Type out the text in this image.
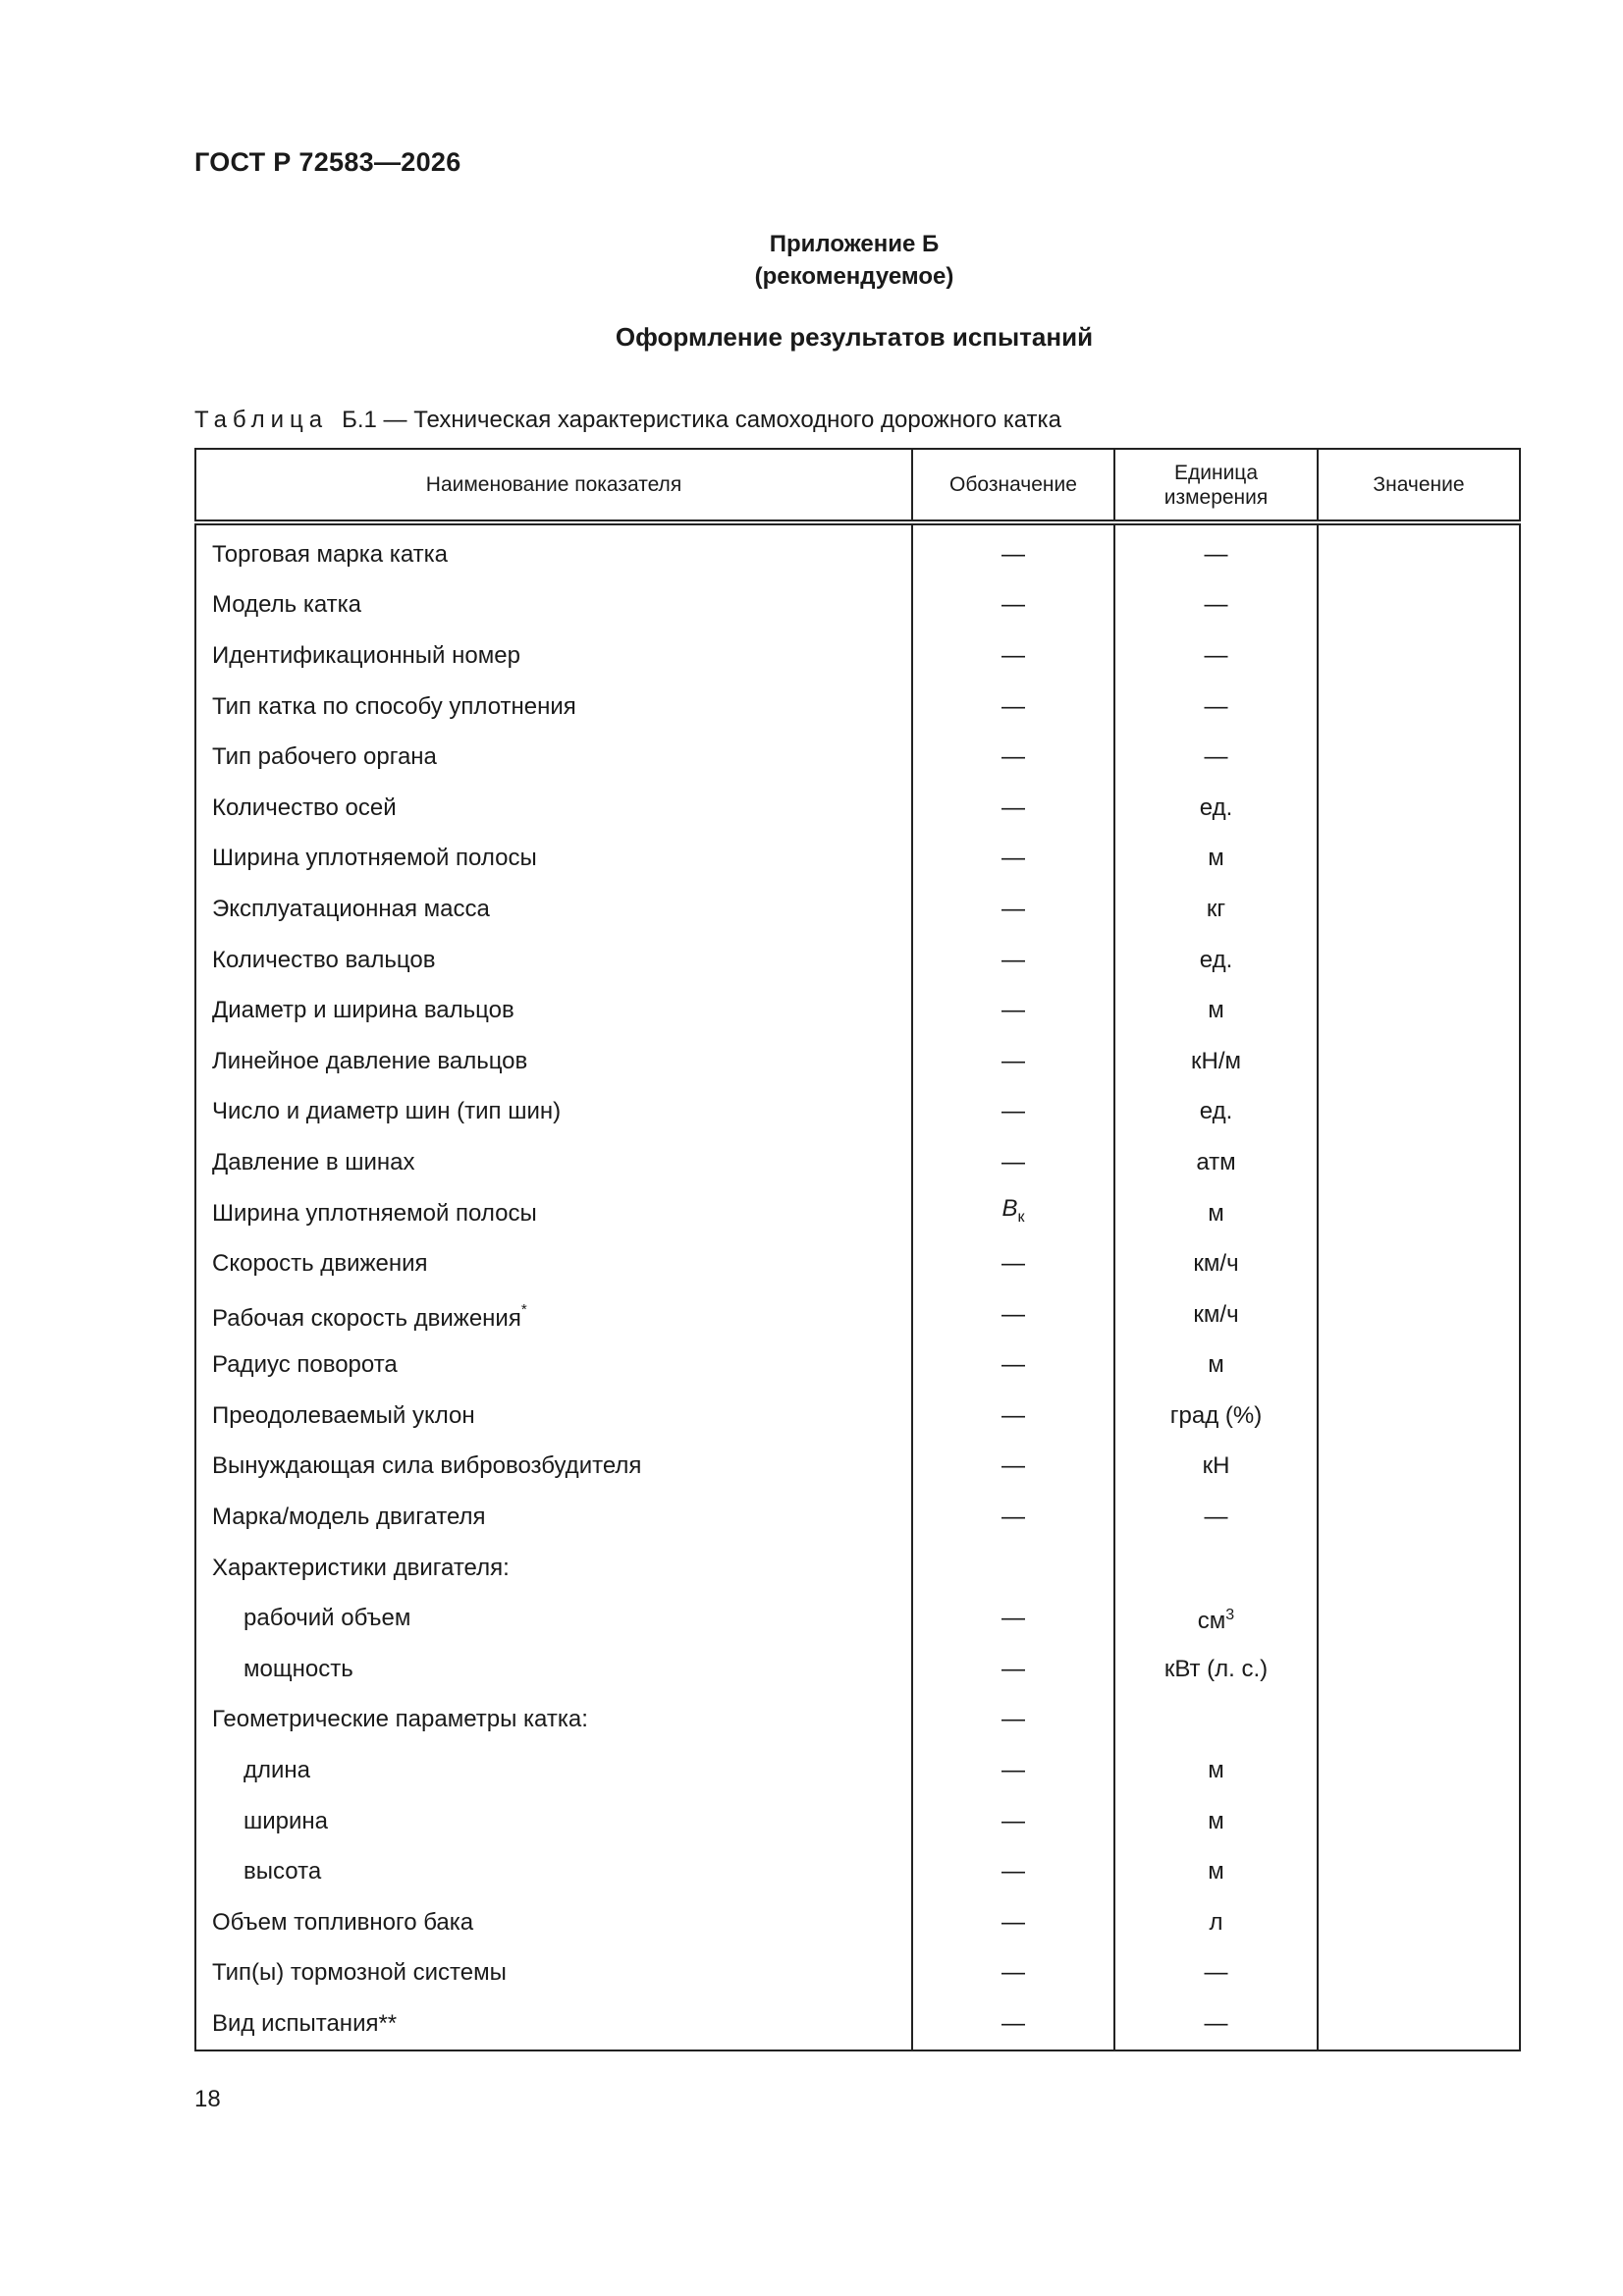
ГОСТ Р 72583—2026
Приложение Б
(рекомендуемое)
Оформление результатов испытаний
Таблица Б.1 — Техническая характеристика самоходного дорожного катка
Наименование показателя	Обозначение	Единица измерения	Значение
Торговая марка катка	—	—	
Модель катка	—	—	
Идентификационный номер	—	—	
Тип катка по способу уплотнения	—	—	
Тип рабочего органа	—	—	
Количество осей	—	ед.	
Ширина уплотняемой полосы	—	м	
Эксплуатационная масса	—	кг	
Количество вальцов	—	ед.	
Диаметр и ширина вальцов	—	м	
Линейное давление вальцов	—	кН/м	
Число и диаметр шин (тип шин)	—	ед.	
Давление в шинах	—	атм	
Ширина уплотняемой полосы	$B_к$	м	
Скорость движения	—	км/ч	
Рабочая скорость движения*	—	км/ч	
Радиус поворота	—	м	
Преодолеваемый уклон	—	град (%)	
Вынуждающая сила вибровозбудителя	—	кН	
Марка/модель двигателя	—	—	
Характеристики двигателя:			
рабочий объем	—	$см^3$	
мощность	—	кВт (л. с.)	
Геометрические параметры катка:	—		
длина	—	м	
ширина	—	м	
высота	—	м	
Объем топливного бака	—	л	
Тип(ы) тормозной системы	—	—	
Вид испытания**	—	—	
18
